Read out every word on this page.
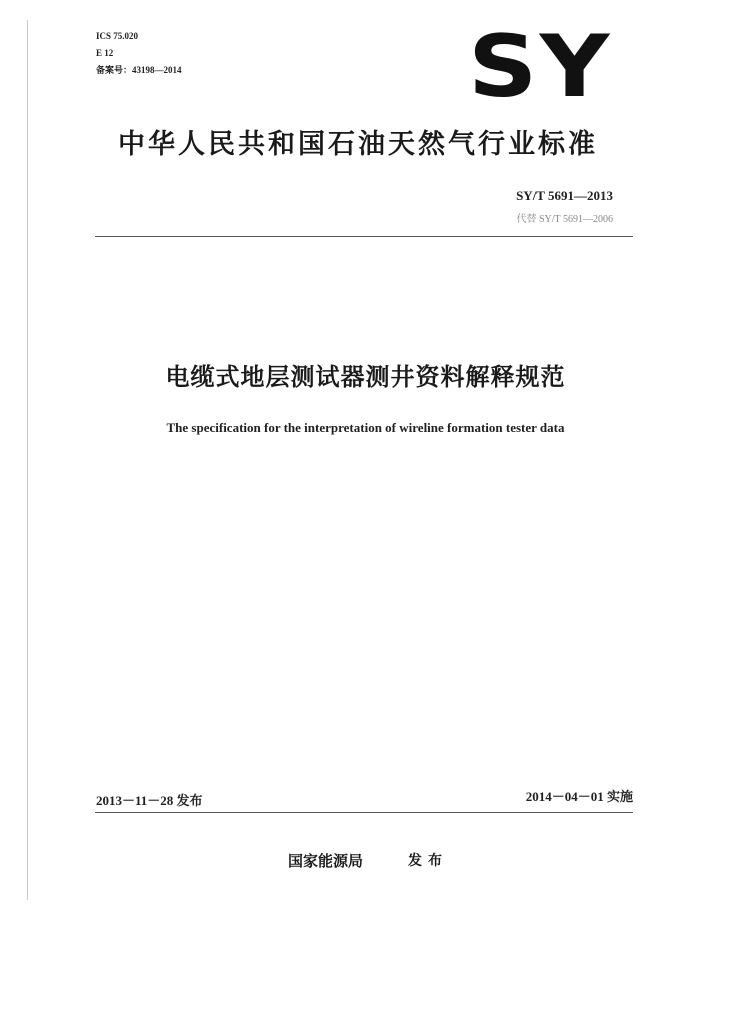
ICS 75.020
E 12
备案号：43198—2014	SY
中华人民共和国石油天然气行业标准
SY/T 5691—2013
代替 SY/T 5691—2006
电缆式地层测试器测井资料解释规范
The specification for the interpretation of wireline formation tester data
2013－11－28 发布	2014－04－01 实施
国家能源局	发布
